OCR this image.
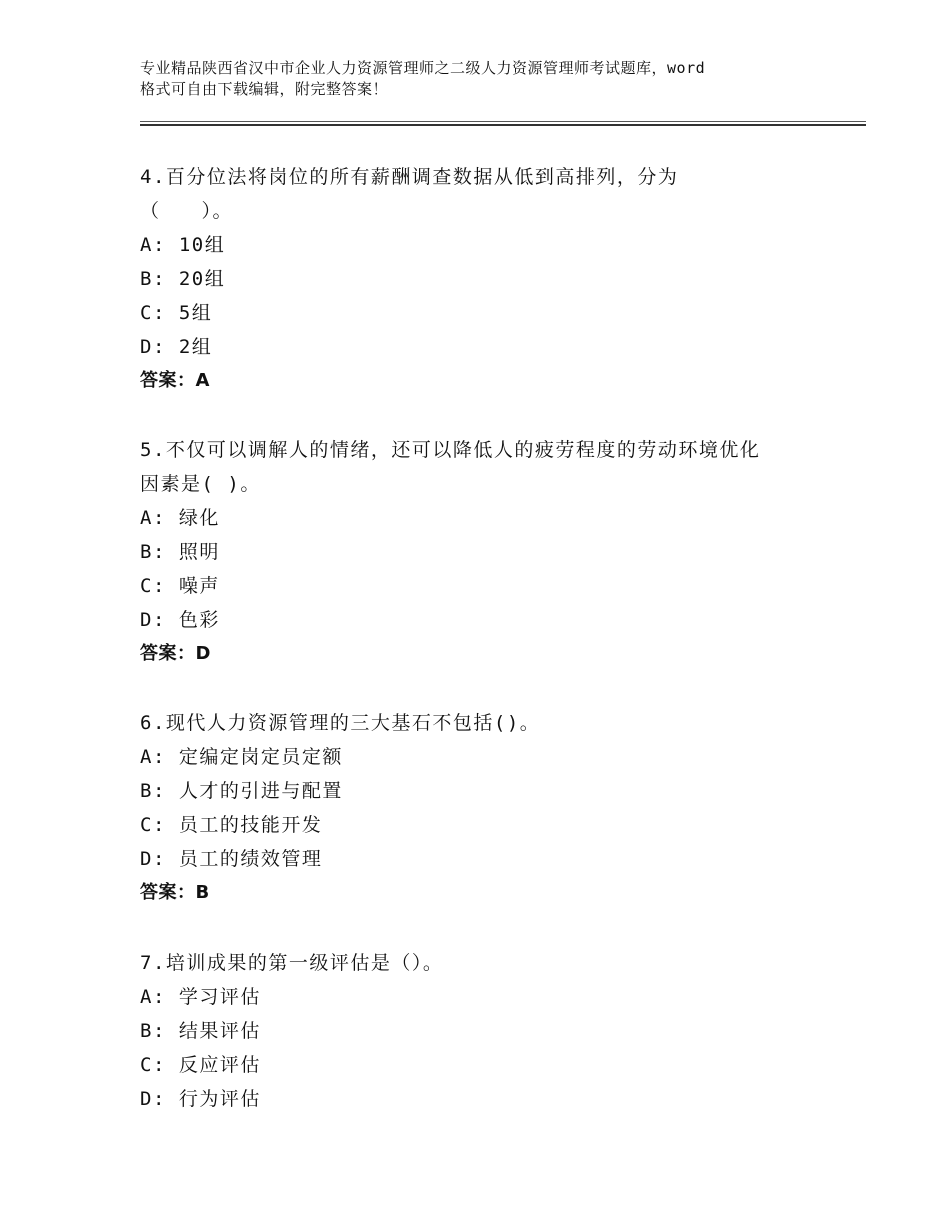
专业精品陕西省汉中市企业人力资源管理师之二级人力资源管理师考试题库，word
格式可自由下载编辑，附完整答案！
4.百分位法将岗位的所有薪酬调查数据从低到高排列，分为
（　　）。
A: 10组
B: 20组
C: 5组
D: 2组
答案：A
5.不仅可以调解人的情绪，还可以降低人的疲劳程度的劳动环境优化
因素是( )。
A: 绿化
B: 照明
C: 噪声
D: 色彩
答案：D
6.现代人力资源管理的三大基石不包括()。
A: 定编定岗定员定额
B: 人才的引进与配置
C: 员工的技能开发
D: 员工的绩效管理
答案：B
7.培训成果的第一级评估是（）。
A: 学习评估
B: 结果评估
C: 反应评估
D: 行为评估
